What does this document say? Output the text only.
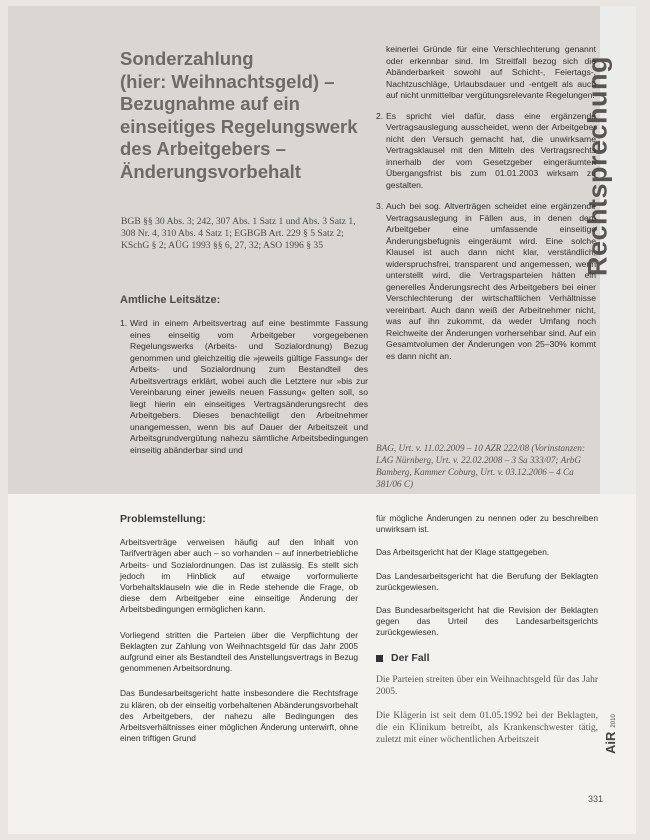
Rechtsprechung
Sonderzahlung
(hier: Weihnachtsgeld) –
Bezugnahme auf ein
einseitiges Regelungswerk
des Arbeitgebers –
Änderungsvorbehalt

BGB §§ 30 Abs. 3; 242, 307 Abs. 1 Satz 1 und Abs. 3 Satz 1, 308 Nr. 4, 310 Abs. 4 Satz 1; EGBGB Art. 229 § 5 Satz 2; KSchG § 2; AÜG 1993 §§ 6, 27, 32; ASO 1996 § 35

Amtliche Leitsätze:
1. Wird in einem Arbeitsvertrag auf eine bestimmte Fassung eines einseitig vom Arbeitgeber vorgegebenen Regelungswerks (Arbeits- und Sozialordnung) Bezug genommen und gleichzeitig die »jeweils gültige Fassung« der Arbeits- und Sozialordnung zum Bestandteil des Arbeitsvertrags erklärt, wobei auch die Letztere nur »bis zur Vereinbarung einer jeweils neuen Fassung« gelten soll, so liegt hierin ein einseitiges Vertragsänderungsrecht des Arbeitgebers. Dieses benachteiligt den Arbeitnehmer unangemessen, wenn bis auf Dauer der Arbeitszeit und Arbeitsgrundvergütung nahezu sämtliche Arbeitsbedingungen einseitig abänderbar sind und

keinerlei Gründe für eine Verschlechterung genannt oder erkennbar sind. Im Streitfall bezog sich die Abänderbarkeit sowohl auf Schicht-, Feiertags-, Nachtzuschläge, Urlaubsdauer und -entgelt als auch auf nicht unmittelbar vergütungsrelevante Regelungen.

2. Es spricht viel dafür, dass eine ergänzende Vertragsauslegung ausscheidet, wenn der Arbeitgeber nicht den Versuch gemacht hat, die unwirksame Vertragsklausel mit den Mitteln des Vertragsrechts innerhalb der vom Gesetzgeber eingeräumten Übergangsfrist bis zum 01.01.2003 wirksam zu gestalten.

3. Auch bei sog. Altverträgen scheidet eine ergänzende Vertragsauslegung in Fällen aus, in denen dem Arbeitgeber eine umfassende einseitige Änderungsbefugnis eingeräumt wird. Eine solche Klausel ist auch dann nicht klar, verständlich, widerspruchsfrei, transparent und angemessen, wenn unterstellt wird, die Vertragsparteien hätten ein generelles Änderungsrecht des Arbeitgebers bei einer Verschlechterung der wirtschaftlichen Verhältnisse vereinbart. Auch dann weiß der Arbeitnehmer nicht, was auf ihn zukommt, da weder Umfang noch Reichweite der Änderungen vorhersehbar sind. Auf ein Gesamtvolumen der Änderungen von 25–30% kommt es dann nicht an.

BAG, Urt. v. 11.02.2009 – 10 AZR 222/08 (Vorinstanzen: LAG Nürnberg, Urt. v. 22.02.2008 – 3 Sa 333/07; ArbG Bamberg, Kammer Coburg, Urt. v. 03.12.2006 – 4 Ca 381/06 C)

Problemstellung:

Arbeitsverträge verweisen häufig auf den Inhalt von Tarifverträgen aber auch – so vorhanden – auf innerbetriebliche Arbeits- und Sozialordnungen. Das ist zulässig. Es stellt sich jedoch im Hinblick auf etwaige vorformulierte Vorbehaltsklauseln wie die in Rede stehende die Frage, ob diese dem Arbeitgeber eine einseitige Änderung der Arbeitsbedingungen ermöglichen kann.

Vorliegend stritten die Parteien über die Verpflichtung der Beklagten zur Zahlung von Weihnachtsgeld für das Jahr 2005 aufgrund einer als Bestandteil des Anstellungsvertrags in Bezug genommenen Arbeitsordnung.

Das Bundesarbeitsgericht hatte insbesondere die Rechtsfrage zu klären, ob der einseitig vorbehaltenen Abänderungsvorbehalt des Arbeitgebers, der nahezu alle Bedingungen des Arbeitsverhältnisses einer möglichen Änderung unterwirft, ohne einen triftigen Grund

für mögliche Änderungen zu nennen oder zu beschreiben unwirksam ist.

Das Arbeitsgericht hat der Klage stattgegeben.

Das Landesarbeitsgericht hat die Berufung der Beklagten zurückgewiesen.

Das Bundesarbeitsgericht hat die Revision der Beklagten gegen das Urteil des Landesarbeitsgerichts zurückgewiesen.

Der Fall

Die Parteien streiten über ein Weihnachtsgeld für das Jahr 2005.

Die Klägerin ist seit dem 01.05.1992 bei der Beklagten, die ein Klinikum betreibt, als Krankenschwester tätig, zuletzt mit einer wöchentlichen Arbeitszeit	AiR
2010
331
